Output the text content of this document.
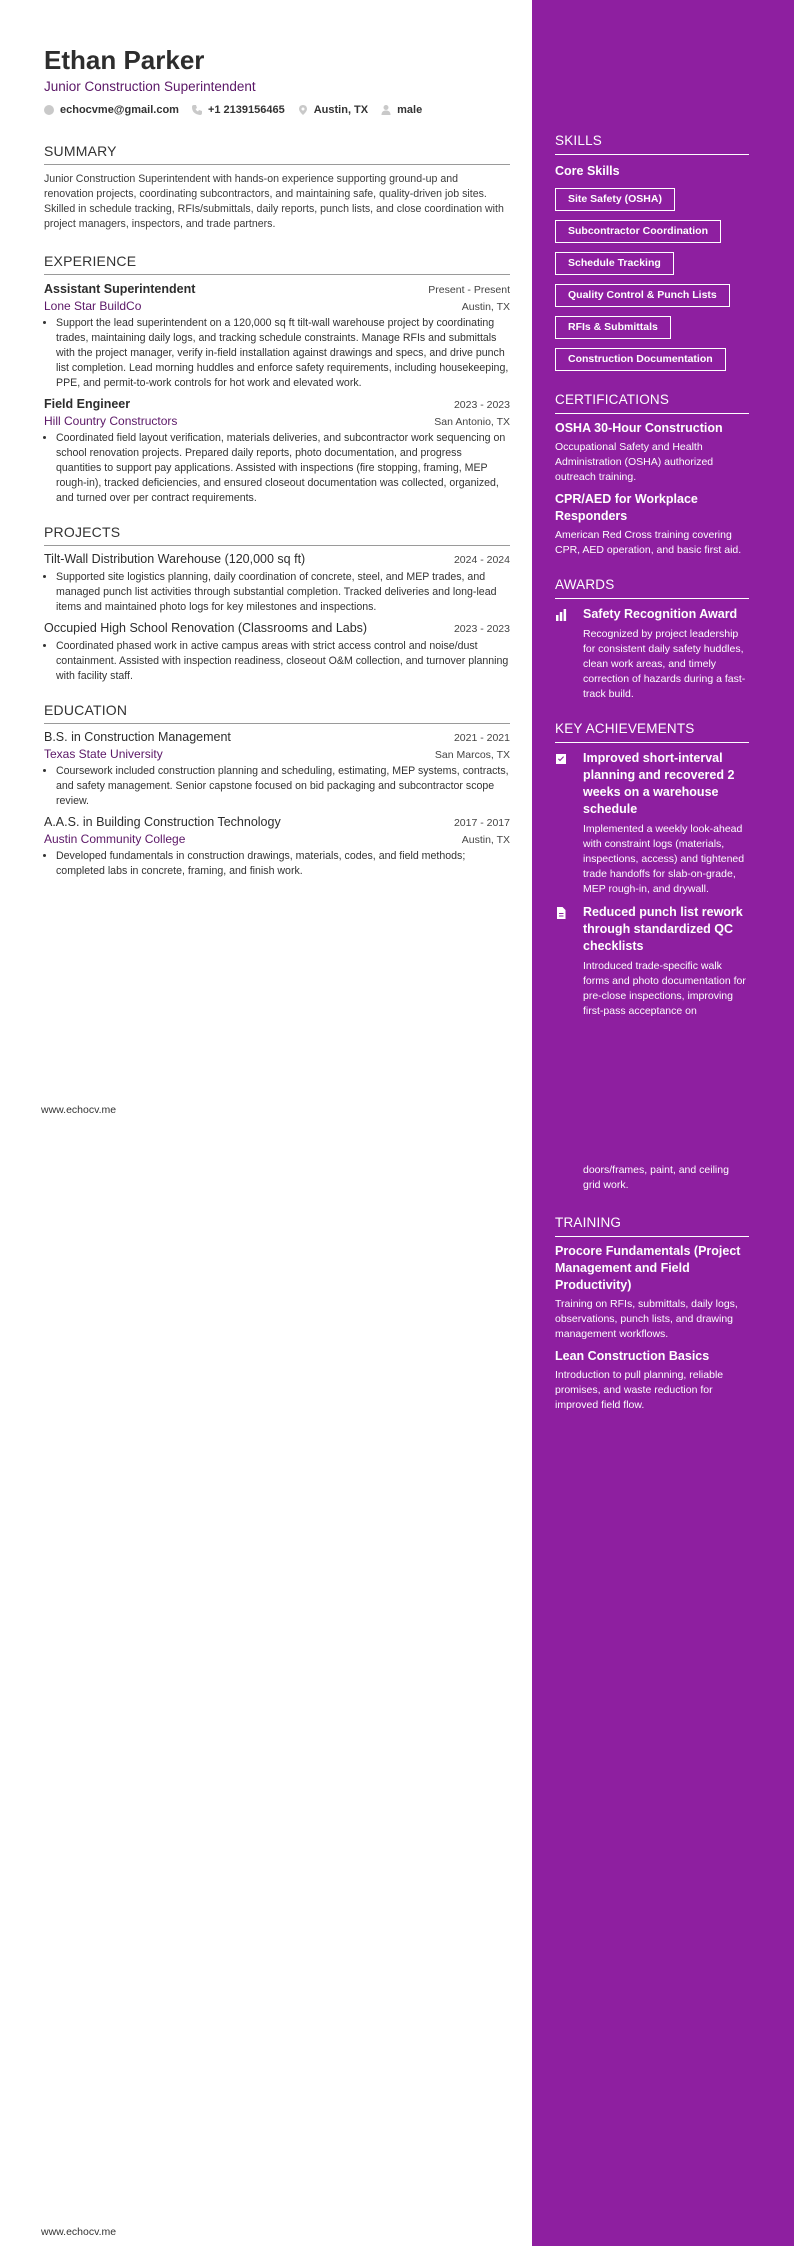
Ethan Parker
Junior Construction Superintendent
echocvme@gmail.com	+1 2139156465	Austin, TX	male
SUMMARY
Junior Construction Superintendent with hands-on experience supporting ground-up and renovation projects, coordinating subcontractors, and maintaining safe, quality-driven job sites. Skilled in schedule tracking, RFIs/submittals, daily reports, punch lists, and close coordination with project managers, inspectors, and trade partners.
EXPERIENCE
Assistant Superintendent	Present - Present
Lone Star BuildCo	Austin, TX
• Support the lead superintendent on a 120,000 sq ft tilt-wall warehouse project by coordinating trades, maintaining daily logs, and tracking schedule constraints. Manage RFIs and submittals with the project manager, verify in-field installation against drawings and specs, and drive punch list completion. Lead morning huddles and enforce safety requirements, including housekeeping, PPE, and permit-to-work controls for hot work and elevated work.
Field Engineer	2023 - 2023
Hill Country Constructors	San Antonio, TX
• Coordinated field layout verification, materials deliveries, and subcontractor work sequencing on school renovation projects. Prepared daily reports, photo documentation, and progress quantities to support pay applications. Assisted with inspections (fire stopping, framing, MEP rough-in), tracked deficiencies, and ensured closeout documentation was collected, organized, and turned over per contract requirements.
PROJECTS
Tilt-Wall Distribution Warehouse (120,000 sq ft)	2024 - 2024
• Supported site logistics planning, daily coordination of concrete, steel, and MEP trades, and managed punch list activities through substantial completion. Tracked deliveries and long-lead items and maintained photo logs for key milestones and inspections.
Occupied High School Renovation (Classrooms and Labs)	2023 - 2023
• Coordinated phased work in active campus areas with strict access control and noise/dust containment. Assisted with inspection readiness, closeout O&M collection, and turnover planning with facility staff.
EDUCATION
B.S. in Construction Management	2021 - 2021
Texas State University	San Marcos, TX
• Coursework included construction planning and scheduling, estimating, MEP systems, contracts, and safety management. Senior capstone focused on bid packaging and subcontractor scope review.
A.A.S. in Building Construction Technology	2017 - 2017
Austin Community College	Austin, TX
• Developed fundamentals in construction drawings, materials, codes, and field methods; completed labs in concrete, framing, and finish work.
SKILLS
Core Skills
Site Safety (OSHA)
Subcontractor Coordination
Schedule Tracking
Quality Control & Punch Lists
RFIs & Submittals
Construction Documentation
CERTIFICATIONS
OSHA 30-Hour Construction
Occupational Safety and Health Administration (OSHA) authorized outreach training.
CPR/AED for Workplace Responders
American Red Cross training covering CPR, AED operation, and basic first aid.
AWARDS
Safety Recognition Award
Recognized by project leadership for consistent daily safety huddles, clean work areas, and timely correction of hazards during a fast-track build.
KEY ACHIEVEMENTS
Improved short-interval planning and recovered 2 weeks on a warehouse schedule
Implemented a weekly look-ahead with constraint logs (materials, inspections, access) and tightened trade handoffs for slab-on-grade, MEP rough-in, and drywall.
Reduced punch list rework through standardized QC checklists
Introduced trade-specific walk forms and photo documentation for pre-close inspections, improving first-pass acceptance on
doors/frames, paint, and ceiling grid work.
TRAINING
Procore Fundamentals (Project Management and Field Productivity)
Training on RFIs, submittals, daily logs, observations, punch lists, and drawing management workflows.
Lean Construction Basics
Introduction to pull planning, reliable promises, and waste reduction for improved field flow.
www.echocv.me
www.echocv.me
